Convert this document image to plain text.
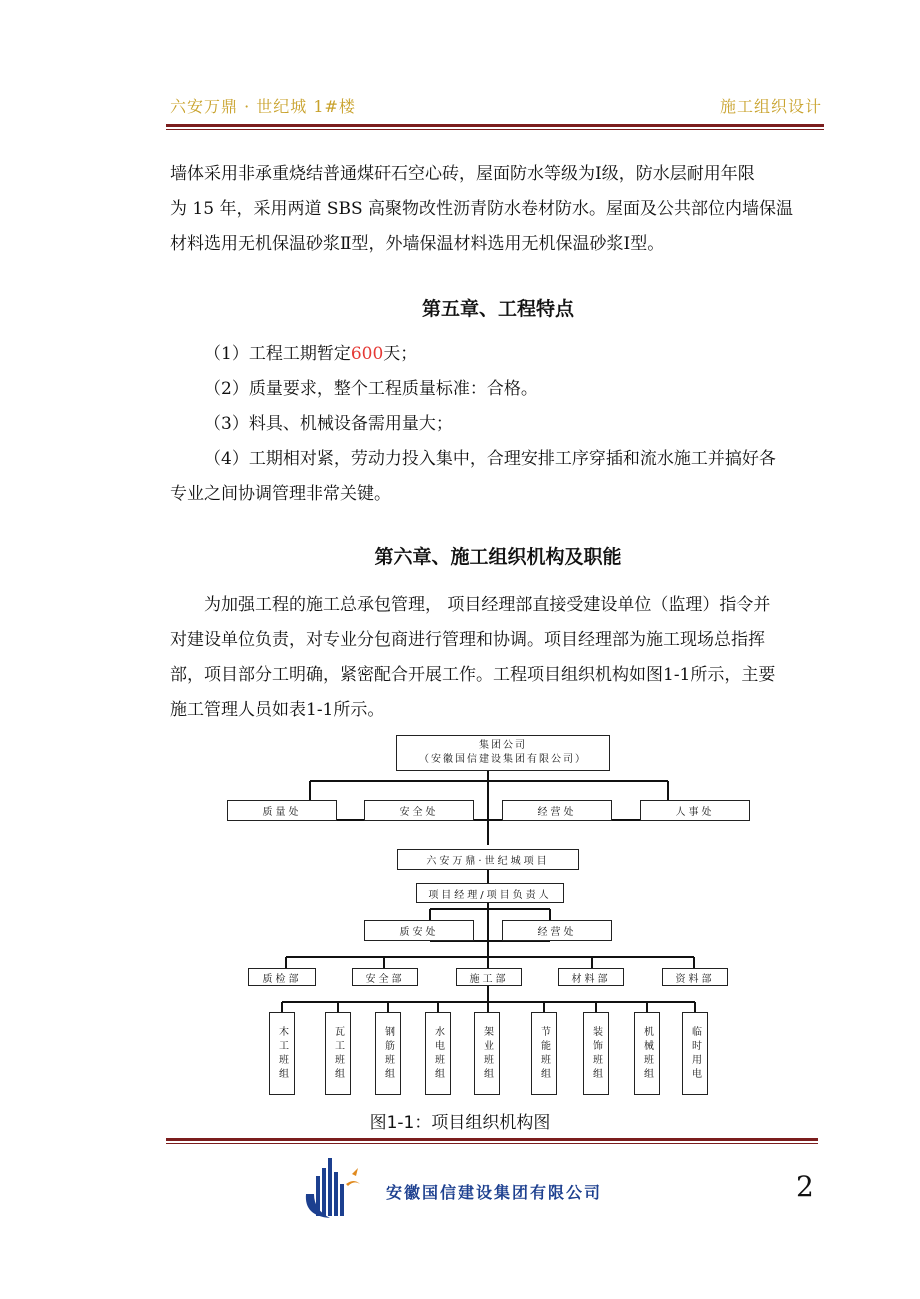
六安万鼎 · 世纪城 1#楼	施工组织设计
墙体采用非承重烧结普通煤矸石空心砖，屋面防水等级为Ⅰ级，防水层耐用年限
为 15 年，采用两道 SBS 高聚物改性沥青防水卷材防水。屋面及公共部位内墙保温
材料选用无机保温砂浆Ⅱ型，外墙保温材料选用无机保温砂浆Ⅰ型。
第五章、工程特点
（1）工程工期暂定600天；
（2）质量要求，整个工程质量标准：合格。
（3）料具、机械设备需用量大；
（4）工期相对紧，劳动力投入集中，合理安排工序穿插和流水施工并搞好各
专业之间协调管理非常关键。
第六章、施工组织机构及职能
为加强工程的施工总承包管理， 项目经理部直接受建设单位（监理）指令并
对建设单位负责，对专业分包商进行管理和协调。项目经理部为施工现场总指挥
部，项目部分工明确，紧密配合开展工作。工程项目组织机构如图1-1所示，主要
施工管理人员如表1-1所示。
集团公司
（安徽国信建设集团有限公司）
质量处	安全处	经营处	人事处
六安万鼎·世纪城项目
项目经理/项目负责人
质安处	经营处
质检部	安全部	施工部	材料部	资料部
木工班组	瓦工班组	钢筋班组	水电班组	架业班组	节能班组	装饰班组	机械班组	临时用电
图1-1：项目组织机构图
安徽国信建设集团有限公司	2
